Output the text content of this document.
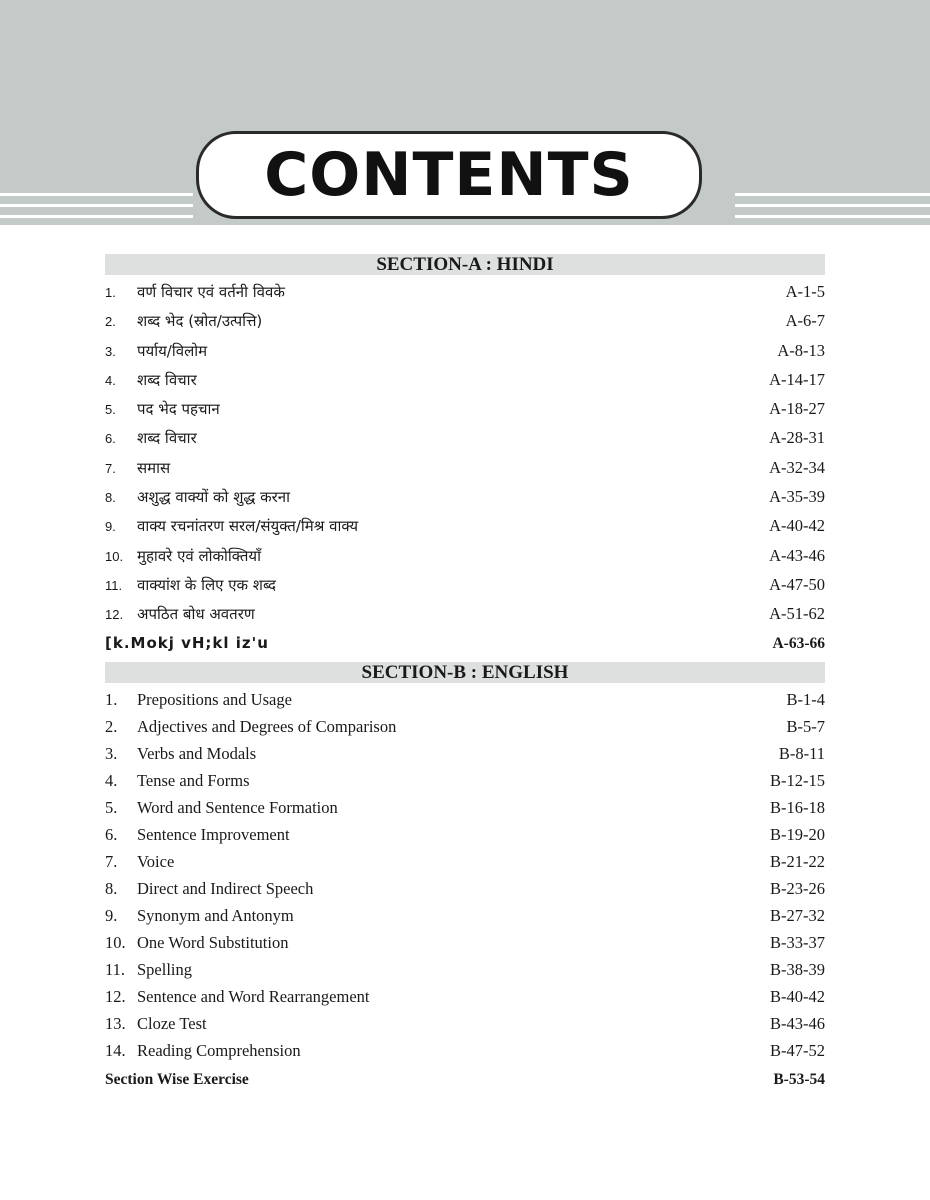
CONTENTS
SECTION-A : HINDI
1.	वर्ण विचार एवं वर्तनी विवके	A-1-5
2.	शब्द भेद (स्रोत/उत्पत्ति)	A-6-7
3.	पर्याय/विलोम	A-8-13
4.	शब्द विचार	A-14-17
5.	पद भेद पहचान	A-18-27
6.	शब्द विचार	A-28-31
7.	समास	A-32-34
8.	अशुद्ध वाक्यों को शुद्ध करना	A-35-39
9.	वाक्य रचनांतरण सरल/संयुक्त/मिश्र वाक्य	A-40-42
10. मुहावरे एवं लोकोक्तियाँ	A-43-46
11. वाक्यांश के लिए एक शब्द	A-47-50
12. अपठित बोध अवतरण	A-51-62
[k.Mokj vH;kl iz'u	A-63-66
SECTION-B : ENGLISH
1.	Prepositions and Usage	B-1-4
2.	Adjectives and Degrees of Comparison	B-5-7
3.	Verbs and Modals	B-8-11
4.	Tense and Forms	B-12-15
5.	Word and Sentence Formation	B-16-18
6.	Sentence Improvement	B-19-20
7.	Voice	B-21-22
8.	Direct and Indirect Speech	B-23-26
9.	Synonym and Antonym	B-27-32
10. One Word Substitution	B-33-37
11. Spelling	B-38-39
12. Sentence and Word Rearrangement	B-40-42
13. Cloze Test	B-43-46
14. Reading Comprehension	B-47-52
Section Wise Exercise	B-53-54
